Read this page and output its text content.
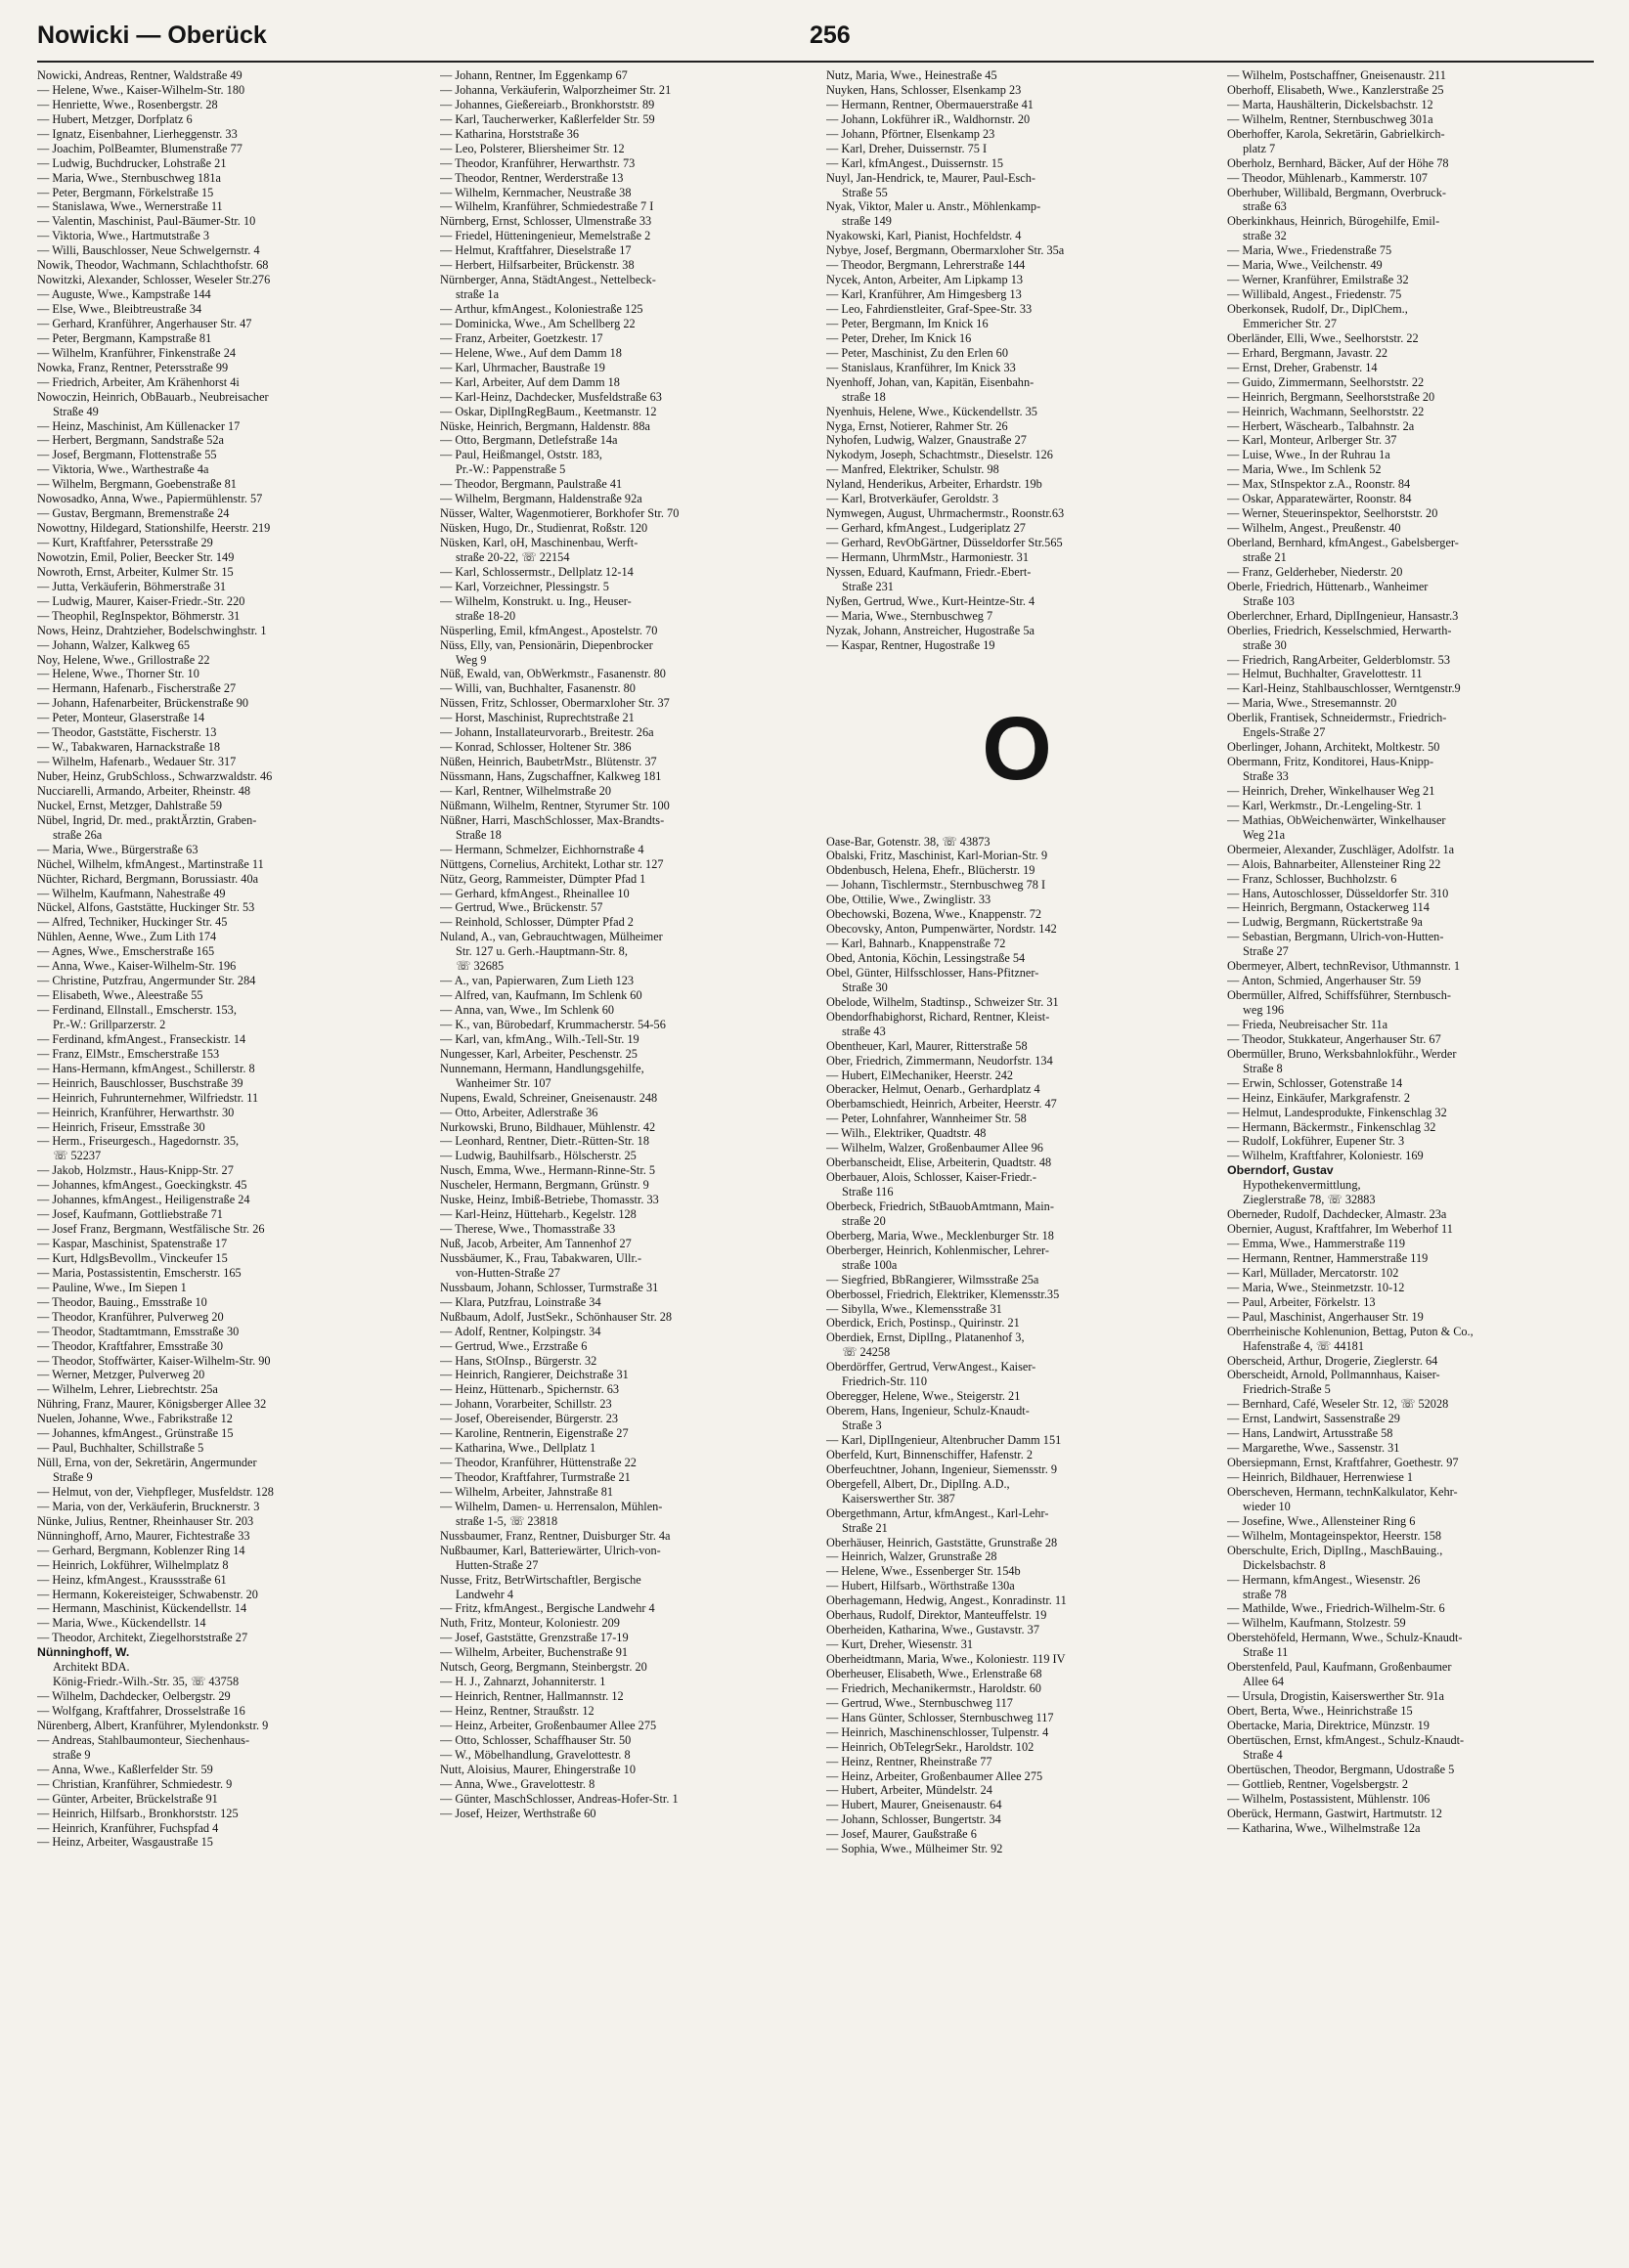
Nowicki — Oberück	256
Nowicki, Andreas, Rentner, Waldstraße 49
— Helene, Wwe., Kaiser-Wilhelm-Str. 180
— Henriette, Wwe., Rosenbergstr. 28
— Hubert, Metzger, Dorfplatz 6
— Ignatz, Eisenbahner, Lierheggenstr. 33
— Joachim, PolBeamter, Blumenstraße 77
— Ludwig, Buchdrucker, Lohstraße 21
— Maria, Wwe., Sternbuschweg 181a
— Peter, Bergmann, Förkelstraße 15
— Stanislawa, Wwe., Wernerstraße 11
— Valentin, Maschinist, Paul-Bäumer-Str. 10
— Viktoria, Wwe., Hartmutstraße 3
— Willi, Bauschlosser, Neue Schwelgernstr. 4
Nowik, Theodor, Wachmann, Schlachthofstr. 68
Nowitzki, Alexander, Schlosser, Weseler Str.276
— Auguste, Wwe., Kampstraße 144
— Else, Wwe., Bleibtreustraße 34
— Gerhard, Kranführer, Angerhauser Str. 47
— Peter, Bergmann, Kampstraße 81
— Wilhelm, Kranführer, Finkenstraße 24
Nowka, Franz, Rentner, Petersstraße 99
— Friedrich, Arbeiter, Am Krähenhorst 4i
Nowoczin, Heinrich, ObBauarb., Neubreisacher
Straße 49
— Heinz, Maschinist, Am Küllenacker 17
— Herbert, Bergmann, Sandstraße 52a
— Josef, Bergmann, Flottenstraße 55
— Viktoria, Wwe., Warthestraße 4a
— Wilhelm, Bergmann, Goebenstraße 81
Nowosadko, Anna, Wwe., Papiermühlenstr. 57
— Gustav, Bergmann, Bremenstraße 24
Nowottny, Hildegard, Stationshilfe, Heerstr. 219
— Kurt, Kraftfahrer, Petersstraße 29
Nowotzin, Emil, Polier, Beecker Str. 149
Nowroth, Ernst, Arbeiter, Kulmer Str. 15
— Jutta, Verkäuferin, Böhmerstraße 31
— Ludwig, Maurer, Kaiser-Friedr.-Str. 220
— Theophil, RegInspektor, Böhmerstr. 31
Nows, Heinz, Drahtzieher, Bodelschwinghstr. 1
— Johann, Walzer, Kalkweg 65
Noy, Helene, Wwe., Grillostraße 22
— Helene, Wwe., Thorner Str. 10
— Hermann, Hafenarb., Fischerstraße 27
— Johann, Hafenarbeiter, Brückenstraße 90
— Peter, Monteur, Glaserstraße 14
— Theodor, Gaststätte, Fischerstr. 13
— W., Tabakwaren, Harnackstraße 18
— Wilhelm, Hafenarb., Wedauer Str. 317
Nuber, Heinz, GrubSchloss., Schwarzwaldstr. 46
Nucciarelli, Armando, Arbeiter, Rheinstr. 48
Nuckel, Ernst, Metzger, Dahlstraße 59
Nübel, Ingrid, Dr. med., praktÄrztin, Graben-
straße 26a
— Maria, Wwe., Bürgerstraße 63
Nüchel, Wilhelm, kfmAngest., Martinstraße 11
Nüchter, Richard, Bergmann, Borussiastr. 40a
— Wilhelm, Kaufmann, Nahestraße 49
Nückel, Alfons, Gaststätte, Huckinger Str. 53
— Alfred, Techniker, Huckinger Str. 45
Nühlen, Aenne, Wwe., Zum Lith 174
— Agnes, Wwe., Emscherstraße 165
— Anna, Wwe., Kaiser-Wilhelm-Str. 196
— Christine, Putzfrau, Angermunder Str. 284
— Elisabeth, Wwe., Aleestraße 55
— Ferdinand, Ellnstall., Emscherstr. 153,
Pr.-W.: Grillparzerstr. 2
— Ferdinand, kfmAngest., Franseckistr. 14
— Franz, ElMstr., Emscherstraße 153
— Hans-Hermann, kfmAngest., Schillerstr. 8
— Heinrich, Bauschlosser, Buschstraße 39
— Heinrich, Fuhrunternehmer, Wilfriedstr. 11
— Heinrich, Kranführer, Herwarthstr. 30
— Heinrich, Friseur, Emsstraße 30
— Herm., Friseurgesch., Hagedornstr. 35,
☏ 52237
— Jakob, Holzmstr., Haus-Knipp-Str. 27
— Johannes, kfmAngest., Goeckingkstr. 45
— Johannes, kfmAngest., Heiligenstraße 24
— Josef, Kaufmann, Gottliebstraße 71
— Josef Franz, Bergmann, Westfälische Str. 26
— Kaspar, Maschinist, Spatenstraße 17
— Kurt, HdlgsBevollm., Vinckeufer 15
— Maria, Postassistentin, Emscherstr. 165
— Pauline, Wwe., Im Siepen 1
— Theodor, Bauing., Emsstraße 10
— Theodor, Kranführer, Pulverweg 20
— Theodor, Stadtamtmann, Emsstraße 30
— Theodor, Kraftfahrer, Emsstraße 30
— Theodor, Stoffwärter, Kaiser-Wilhelm-Str. 90
— Werner, Metzger, Pulverweg 20
— Wilhelm, Lehrer, Liebrechtstr. 25a
Nühring, Franz, Maurer, Königsberger Allee 32
Nuelen, Johanne, Wwe., Fabrikstraße 12
— Johannes, kfmAngest., Grünstraße 15
— Paul, Buchhalter, Schillstraße 5
Nüll, Erna, von der, Sekretärin, Angermunder
Straße 9
— Helmut, von der, Viehpfleger, Musfeldstr. 128
— Maria, von der, Verkäuferin, Brucknerstr. 3
Nünke, Julius, Rentner, Rheinhauser Str. 203
Nünninghoff, Arno, Maurer, Fichtestraße 33
— Gerhard, Bergmann, Koblenzer Ring 14
— Heinrich, Lokführer, Wilhelmplatz 8
— Heinz, kfmAngest., Kraussstraße 61
— Hermann, Kokereisteiger, Schwabenstr. 20
— Hermann, Maschinist, Kückendellstr. 14
— Maria, Wwe., Kückendellstr. 14
— Theodor, Architekt, Ziegelhorststraße 27
Nünninghoff, W.
Architekt BDA.
König-Friedr.-Wilh.-Str. 35, ☏ 43758
— Wilhelm, Dachdecker, Oelbergstr. 29
— Wolfgang, Kraftfahrer, Drosselstraße 16
Nürenberg, Albert, Kranführer, Mylendonkstr. 9
— Andreas, Stahlbaumonteur, Siechenhaus-
straße 9
— Anna, Wwe., Kaßlerfelder Str. 59
— Christian, Kranführer, Schmiedestr. 9
— Günter, Arbeiter, Brückelstraße 91
— Heinrich, Hilfsarb., Bronkhorststr. 125
— Heinrich, Kranführer, Fuchspfad 4
— Heinz, Arbeiter, Wasgaustraße 15
— Johann, Rentner, Im Eggenkamp 67
— Johanna, Verkäuferin, Walporzheimer Str. 21
— Johannes, Gießereiarb., Bronkhorststr. 89
— Karl, Taucherwerker, Kaßlerfelder Str. 59
— Katharina, Horststraße 36
— Leo, Polsterer, Bliersheimer Str. 12
— Theodor, Kranführer, Herwarthstr. 73
— Theodor, Rentner, Werderstraße 13
— Wilhelm, Kernmacher, Neustraße 38
— Wilhelm, Kranführer, Schmiedestraße 7 I
Nürnberg, Ernst, Schlosser, Ulmenstraße 33
— Friedel, Hütteningenieur, Memelstraße 2
— Helmut, Kraftfahrer, Dieselstraße 17
— Herbert, Hilfsarbeiter, Brückenstr. 38
Nürnberger, Anna, StädtAngest., Nettelbeck-
straße 1a
— Arthur, kfmAngest., Koloniestraße 125
— Dominicka, Wwe., Am Schellberg 22
— Franz, Arbeiter, Goetzkestr. 17
— Helene, Wwe., Auf dem Damm 18
— Karl, Uhrmacher, Baustraße 19
— Karl, Arbeiter, Auf dem Damm 18
— Karl-Heinz, Dachdecker, Musfeldstraße 63
— Oskar, DiplIngRegBaum., Keetmanstr. 12
Nüske, Heinrich, Bergmann, Haldenstr. 88a
— Otto, Bergmann, Detlefstraße 14a
— Paul, Heißmangel, Oststr. 183,
Pr.-W.: Pappenstraße 5
— Theodor, Bergmann, Paulstraße 41
— Wilhelm, Bergmann, Haldenstraße 92a
Nüsser, Walter, Wagenmotierer, Borkhofer Str. 70
Nüsken, Hugo, Dr., Studienrat, Roßstr. 120
Nüsken, Karl, oH, Maschinenbau, Werft-
straße 20-22, ☏ 22154
— Karl, Schlossermstr., Dellplatz 12-14
— Karl, Vorzeichner, Plessingstr. 5
— Wilhelm, Konstrukt. u. Ing., Heuser-
straße 18-20
Nüsperling, Emil, kfmAngest., Apostelstr. 70
Nüss, Elly, van, Pensionärin, Diepenbrocker
Weg 9
Nüß, Ewald, van, ObWerkmstr., Fasanenstr. 80
— Willi, van, Buchhalter, Fasanenstr. 80
Nüssen, Fritz, Schlosser, Obermarxloher Str. 37
— Horst, Maschinist, Ruprechtstraße 21
— Johann, Installateurvorarb., Breitestr. 26a
— Konrad, Schlosser, Holtener Str. 386
Nüßen, Heinrich, BaubetrMstr., Blütenstr. 37
Nüssmann, Hans, Zugschaffner, Kalkweg 181
— Karl, Rentner, Wilhelmstraße 20
Nüßmann, Wilhelm, Rentner, Styrumer Str. 100
Nüßner, Harri, MaschSchlosser, Max-Brandts-
Straße 18
— Hermann, Schmelzer, Eichhornstraße 4
Nüttgens, Cornelius, Architekt, Lothar str. 127
Nütz, Georg, Rammeister, Dümpter Pfad 1
— Gerhard, kfmAngest., Rheinallee 10
— Gertrud, Wwe., Brückenstr. 57
— Reinhold, Schlosser, Dümpter Pfad 2
Nuland, A., van, Gebrauchtwagen, Mülheimer
Str. 127 u. Gerh.-Hauptmann-Str. 8,
☏ 32685
— A., van, Papierwaren, Zum Lieth 123
— Alfred, van, Kaufmann, Im Schlenk 60
— Anna, van, Wwe., Im Schlenk 60
— K., van, Bürobedarf, Krummacherstr. 54-56
— Karl, van, kfmAng., Wilh.-Tell-Str. 19
Nungesser, Karl, Arbeiter, Peschenstr. 25
Nunnemann, Hermann, Handlungsgehilfe,
Wanheimer Str. 107
Nupens, Ewald, Schreiner, Gneisenaustr. 248
— Otto, Arbeiter, Adlerstraße 36
Nurkowski, Bruno, Bildhauer, Mühlenstr. 42
— Leonhard, Rentner, Dietr.-Rütten-Str. 18
— Ludwig, Bauhilfsarb., Hölscherstr. 25
Nusch, Emma, Wwe., Hermann-Rinne-Str. 5
Nuscheler, Hermann, Bergmann, Grünstr. 9
Nuske, Heinz, Imbiß-Betriebe, Thomasstr. 33
— Karl-Heinz, Hütteharb., Kegelstr. 128
— Therese, Wwe., Thomasstraße 33
Nuß, Jacob, Arbeiter, Am Tannenhof 27
Nussbäumer, K., Frau, Tabakwaren, Ullr.-
von-Hutten-Straße 27
Nussbaum, Johann, Schlosser, Turmstraße 31
— Klara, Putzfrau, Loinstraße 34
Nußbaum, Adolf, JustSekr., Schönhauser Str. 28
— Adolf, Rentner, Kolpingstr. 34
— Gertrud, Wwe., Erzstraße 6
— Hans, StOInsp., Bürgerstr. 32
— Heinrich, Rangierer, Deichstraße 31
— Heinz, Hüttenarb., Spichernstr. 63
— Johann, Vorarbeiter, Schillstr. 23
— Josef, Obereisender, Bürgerstr. 23
— Karoline, Rentnerin, Eigenstraße 27
— Katharina, Wwe., Dellplatz 1
— Theodor, Kranführer, Hüttenstraße 22
— Theodor, Kraftfahrer, Turmstraße 21
— Wilhelm, Arbeiter, Jahnstraße 81
— Wilhelm, Damen- u. Herrensalon, Mühlen-
straße 1-5, ☏ 23818
Nussbaumer, Franz, Rentner, Duisburger Str. 4a
Nußbaumer, Karl, Batteriewärter, Ulrich-von-
Hutten-Straße 27
Nusse, Fritz, BetrWirtschaftler, Bergische
Landwehr 4
— Fritz, kfmAngest., Bergische Landwehr 4
Nuth, Fritz, Monteur, Koloniestr. 209
— Josef, Gaststätte, Grenzstraße 17-19
— Wilhelm, Arbeiter, Buchenstraße 91
Nutsch, Georg, Bergmann, Steinbergstr. 20
— H. J., Zahnarzt, Johanniterstr. 1
— Heinrich, Rentner, Hallmannstr. 12
— Heinz, Rentner, Straußstr. 12
— Heinz, Arbeiter, Großenbaumer Allee 275
— Otto, Schlosser, Schaffhauser Str. 50
— W., Möbelhandlung, Gravelottestr. 8
Nutt, Aloisius, Maurer, Ehingerstraße 10
— Anna, Wwe., Gravelottestr. 8
— Günter, MaschSchlosser, Andreas-Hofer-Str. 1
— Josef, Heizer, Werthstraße 60
Nutz, Maria, Wwe., Heinestraße 45
Nuyken, Hans, Schlosser, Elsenkamp 23
— Hermann, Rentner, Obermauerstraße 41
— Johann, Lokführer iR., Waldhornstr. 20
— Johann, Pförtner, Elsenkamp 23
— Karl, Dreher, Duissernstr. 75 I
— Karl, kfmAngest., Duissernstr. 15
Nuyl, Jan-Hendrick, te, Maurer, Paul-Esch-
Straße 55
Nyak, Viktor, Maler u. Anstr., Möhlenkamp-
straße 149
Nyakowski, Karl, Pianist, Hochfeldstr. 4
Nybye, Josef, Bergmann, Obermarxloher Str. 35a
— Theodor, Bergmann, Lehrerstraße 144
Nycek, Anton, Arbeiter, Am Lipkamp 13
— Karl, Kranführer, Am Himgesberg 13
— Leo, Fahrdienstleiter, Graf-Spee-Str. 33
— Peter, Bergmann, Im Knick 16
— Peter, Dreher, Im Knick 16
— Peter, Maschinist, Zu den Erlen 60
— Stanislaus, Kranführer, Im Knick 33
Nyenhoff, Johan, van, Kapitän, Eisenbahn-
straße 18
Nyenhuis, Helene, Wwe., Kückendellstr. 35
Nyga, Ernst, Notierer, Rahmer Str. 26
Nyhofen, Ludwig, Walzer, Gnaustraße 27
Nykodym, Joseph, Schachtmstr., Dieselstr. 126
— Manfred, Elektriker, Schulstr. 98
Nyland, Henderikus, Arbeiter, Erhardstr. 19b
— Karl, Brotverkäufer, Geroldstr. 3
Nymwegen, August, Uhrmachermstr., Roonstr.63
— Gerhard, kfmAngest., Ludgeriplatz 27
— Gerhard, RevObGärtner, Düsseldorfer Str.565
— Hermann, UhrmMstr., Harmoniestr. 31
Nyssen, Eduard, Kaufmann, Friedr.-Ebert-
Straße 231
Nyßen, Gertrud, Wwe., Kurt-Heintze-Str. 4
— Maria, Wwe., Sternbuschweg 7
Nyzak, Johann, Anstreicher, Hugostraße 5a
— Kaspar, Rentner, Hugostraße 19
O
Oase-Bar, Gotenstr. 38, ☏ 43873
Obalski, Fritz, Maschinist, Karl-Morian-Str. 9
Obdenbusch, Helena, Ehefr., Blücherstr. 19
— Johann, Tischlermstr., Sternbuschweg 78 I
Obe, Ottilie, Wwe., Zwinglistr. 33
Obechowski, Bozena, Wwe., Knappenstr. 72
Obecovsky, Anton, Pumpenwärter, Nordstr. 142
— Karl, Bahnarb., Knappenstraße 72
Obed, Antonia, Köchin, Lessingstraße 54
Obel, Günter, Hilfsschlosser, Hans-Pfitzner-
Straße 30
Obelode, Wilhelm, Stadtinsp., Schweizer Str. 31
Obendorfhabighorst, Richard, Rentner, Kleist-
straße 43
Obentheuer, Karl, Maurer, Ritterstraße 58
Ober, Friedrich, Zimmermann, Neudorfstr. 134
— Hubert, ElMechaniker, Heerstr. 242
Oberacker, Helmut, Oenarb., Gerhardplatz 4
Oberbamschiedt, Heinrich, Arbeiter, Heerstr. 47
— Peter, Lohnfahrer, Wannheimer Str. 58
— Wilh., Elektriker, Quadtstr. 48
— Wilhelm, Walzer, Großenbaumer Allee 96
Oberbanscheidt, Elise, Arbeiterin, Quadtstr. 48
Oberbauer, Alois, Schlosser, Kaiser-Friedr.-
Straße 116
Oberbeck, Friedrich, StBauobAmtmann, Main-
straße 20
Oberberg, Maria, Wwe., Mecklenburger Str. 18
Oberberger, Heinrich, Kohlenmischer, Lehrer-
straße 100a
— Siegfried, BbRangierer, Wilmsstraße 25a
Oberbossel, Friedrich, Elektriker, Klemensstr.35
— Sibylla, Wwe., Klemensstraße 31
Oberdick, Erich, Postinsp., Quirinstr. 21
Oberdiek, Ernst, DiplIng., Platanenhof 3,
☏ 24258
Oberdörffer, Gertrud, VerwAngest., Kaiser-
Friedrich-Str. 110
Oberegger, Helene, Wwe., Steigerstr. 21
Oberem, Hans, Ingenieur, Schulz-Knaudt-
Straße 3
— Karl, DiplIngenieur, Altenbrucher Damm 151
Oberfeld, Kurt, Binnenschiffer, Hafenstr. 2
Oberfeuchtner, Johann, Ingenieur, Siemensstr. 9
Obergefell, Albert, Dr., DiplIng. A.D.,
Kaiserswerther Str. 387
Obergethmann, Artur, kfmAngest., Karl-Lehr-
Straße 21
Oberhäuser, Heinrich, Gaststätte, Grunstraße 28
— Heinrich, Walzer, Grunstraße 28
— Helene, Wwe., Essenberger Str. 154b
— Hubert, Hilfsarb., Wörthstraße 130a
Oberhagemann, Hedwig, Angest., Konradinstr. 11
Oberhaus, Rudolf, Direktor, Manteuffelstr. 19
Oberheiden, Katharina, Wwe., Gustavstr. 37
— Kurt, Dreher, Wiesenstr. 31
Oberheidtmann, Maria, Wwe., Koloniestr. 119 IV
Oberheuser, Elisabeth, Wwe., Erlenstraße 68
— Friedrich, Mechanikermstr., Haroldstr. 60
— Gertrud, Wwe., Sternbuschweg 117
— Hans Günter, Schlosser, Sternbuschweg 117
— Heinrich, Maschinenschlosser, Tulpenstr. 4
— Heinrich, ObTelegrSekr., Haroldstr. 102
— Heinz, Rentner, Rheinstraße 77
— Heinz, Arbeiter, Großenbaumer Allee 275
— Hubert, Arbeiter, Mündelstr. 24
— Hubert, Maurer, Gneisenaustr. 64
— Johann, Schlosser, Bungertstr. 34
— Josef, Maurer, Gaußstraße 6
— Sophia, Wwe., Mülheimer Str. 92
— Wilhelm, Postschaffner, Gneisenaustr. 211
Oberhoff, Elisabeth, Wwe., Kanzlerstraße 25
— Marta, Haushälterin, Dickelsbachstr. 12
— Wilhelm, Rentner, Sternbuschweg 301a
Oberhoffer, Karola, Sekretärin, Gabrielkirch-
platz 7
Oberholz, Bernhard, Bäcker, Auf der Höhe 78
— Theodor, Mühlenarb., Kammerstr. 107
Oberhuber, Willibald, Bergmann, Overbruck-
straße 63
Oberkinkhaus, Heinrich, Bürogehilfe, Emil-
straße 32
— Maria, Wwe., Friedenstraße 75
— Maria, Wwe., Veilchenstr. 49
— Werner, Kranführer, Emilstraße 32
— Willibald, Angest., Friedenstr. 75
Oberkonsek, Rudolf, Dr., DiplChem.,
Emmericher Str. 27
Oberländer, Elli, Wwe., Seelhorststr. 22
— Erhard, Bergmann, Javastr. 22
— Ernst, Dreher, Grabenstr. 14
— Guido, Zimmermann, Seelhorststr. 22
— Heinrich, Bergmann, Seelhorststraße 20
— Heinrich, Wachmann, Seelhorststr. 22
— Herbert, Wäschearb., Talbahnstr. 2a
— Karl, Monteur, Arlberger Str. 37
— Luise, Wwe., In der Ruhrau 1a
— Maria, Wwe., Im Schlenk 52
— Max, StInspektor z.A., Roonstr. 84
— Oskar, Apparatewärter, Roonstr. 84
— Werner, Steuerinspektor, Seelhorststr. 20
— Wilhelm, Angest., Preußenstr. 40
Oberland, Bernhard, kfmAngest., Gabelsberger-
straße 21
— Franz, Gelderheber, Niederstr. 20
Oberle, Friedrich, Hüttenarb., Wanheimer
Straße 103
Oberlerchner, Erhard, DiplIngenieur, Hansastr.3
Oberlies, Friedrich, Kesselschmied, Herwarth-
straße 30
— Friedrich, RangArbeiter, Gelderblomstr. 53
— Helmut, Buchhalter, Gravelottestr. 11
— Karl-Heinz, Stahlbauschlosser, Werntgenstr.9
— Maria, Wwe., Stresemannstr. 20
Oberlik, Frantisek, Schneidermstr., Friedrich-
Engels-Straße 27
Oberlinger, Johann, Architekt, Moltkestr. 50
Obermann, Fritz, Konditorei, Haus-Knipp-
Straße 33
— Heinrich, Dreher, Winkelhauser Weg 21
— Karl, Werkmstr., Dr.-Lengeling-Str. 1
— Mathias, ObWeichenwärter, Winkelhauser
Weg 21a
Obermeier, Alexander, Zuschläger, Adolfstr. 1a
— Alois, Bahnarbeiter, Allensteiner Ring 22
— Franz, Schlosser, Buchholzstr. 6
— Hans, Autoschlosser, Düsseldorfer Str. 310
— Heinrich, Bergmann, Ostackerweg 114
— Ludwig, Bergmann, Rückertstraße 9a
— Sebastian, Bergmann, Ulrich-von-Hutten-
Straße 27
Obermeyer, Albert, technRevisor, Uthmannstr. 1
— Anton, Schmied, Angerhauser Str. 59
Obermüller, Alfred, Schiffsführer, Sternbusch-
weg 196
— Frieda, Neubreisacher Str. 11a
— Theodor, Stukkateur, Angerhauser Str. 67
Obermüller, Bruno, Werksbahnlokführ., Werder
Straße 8
— Erwin, Schlosser, Gotenstraße 14
— Heinz, Einkäufer, Markgrafenstr. 2
— Helmut, Landesprodukte, Finkenschlag 32
— Hermann, Bäckermstr., Finkenschlag 32
— Rudolf, Lokführer, Eupener Str. 3
— Wilhelm, Kraftfahrer, Koloniestr. 169
Oberndorf, Gustav
Hypothekenvermittlung,
Zieglerstraße 78, ☏ 32883
Oberneder, Rudolf, Dachdecker, Almastr. 23a
Obernier, August, Kraftfahrer, Im Weberhof 11
— Emma, Wwe., Hammerstraße 119
— Hermann, Rentner, Hammerstraße 119
— Karl, Müllader, Mercatorstr. 102
— Maria, Wwe., Steinmetzstr. 10-12
— Paul, Arbeiter, Förkelstr. 13
— Paul, Maschinist, Angerhauser Str. 19
Oberrheinische Kohlenunion, Bettag, Puton & Co.,
Hafenstraße 4, ☏ 44181
Oberscheid, Arthur, Drogerie, Zieglerstr. 64
Oberscheidt, Arnold, Pollmannhaus, Kaiser-
Friedrich-Straße 5
— Bernhard, Café, Weseler Str. 12, ☏ 52028
— Ernst, Landwirt, Sassenstraße 29
— Hans, Landwirt, Artusstraße 58
— Margarethe, Wwe., Sassenstr. 31
Obersiepmann, Ernst, Kraftfahrer, Goethestr. 97
— Heinrich, Bildhauer, Herrenwiese 1
Oberscheven, Hermann, technKalkulator, Kehr-
wieder 10
— Josefine, Wwe., Allensteiner Ring 6
— Wilhelm, Montageinspektor, Heerstr. 158
Oberschulte, Erich, DiplIng., MaschBauing.,
Dickelsbachstr. 8
— Hermann, kfmAngest., Wiesenstr. 26
straße 78
— Mathilde, Wwe., Friedrich-Wilhelm-Str. 6
— Wilhelm, Kaufmann, Stolzestr. 59
Oberstehöfeld, Hermann, Wwe., Schulz-Knaudt-
Straße 11
Oberstenfeld, Paul, Kaufmann, Großenbaumer
Allee 64
— Ursula, Drogistin, Kaiserswerther Str. 91a
Obert, Berta, Wwe., Heinrichstraße 15
Obertacke, Maria, Direktrice, Münzstr. 19
Obertüschen, Ernst, kfmAngest., Schulz-Knaudt-
Straße 4
Obertüschen, Theodor, Bergmann, Udostraße 5
— Gottlieb, Rentner, Vogelsbergstr. 2
— Wilhelm, Postassistent, Mühlenstr. 106
Oberück, Hermann, Gastwirt, Hartmutstr. 12
— Katharina, Wwe., Wilhelmstraße 12a
